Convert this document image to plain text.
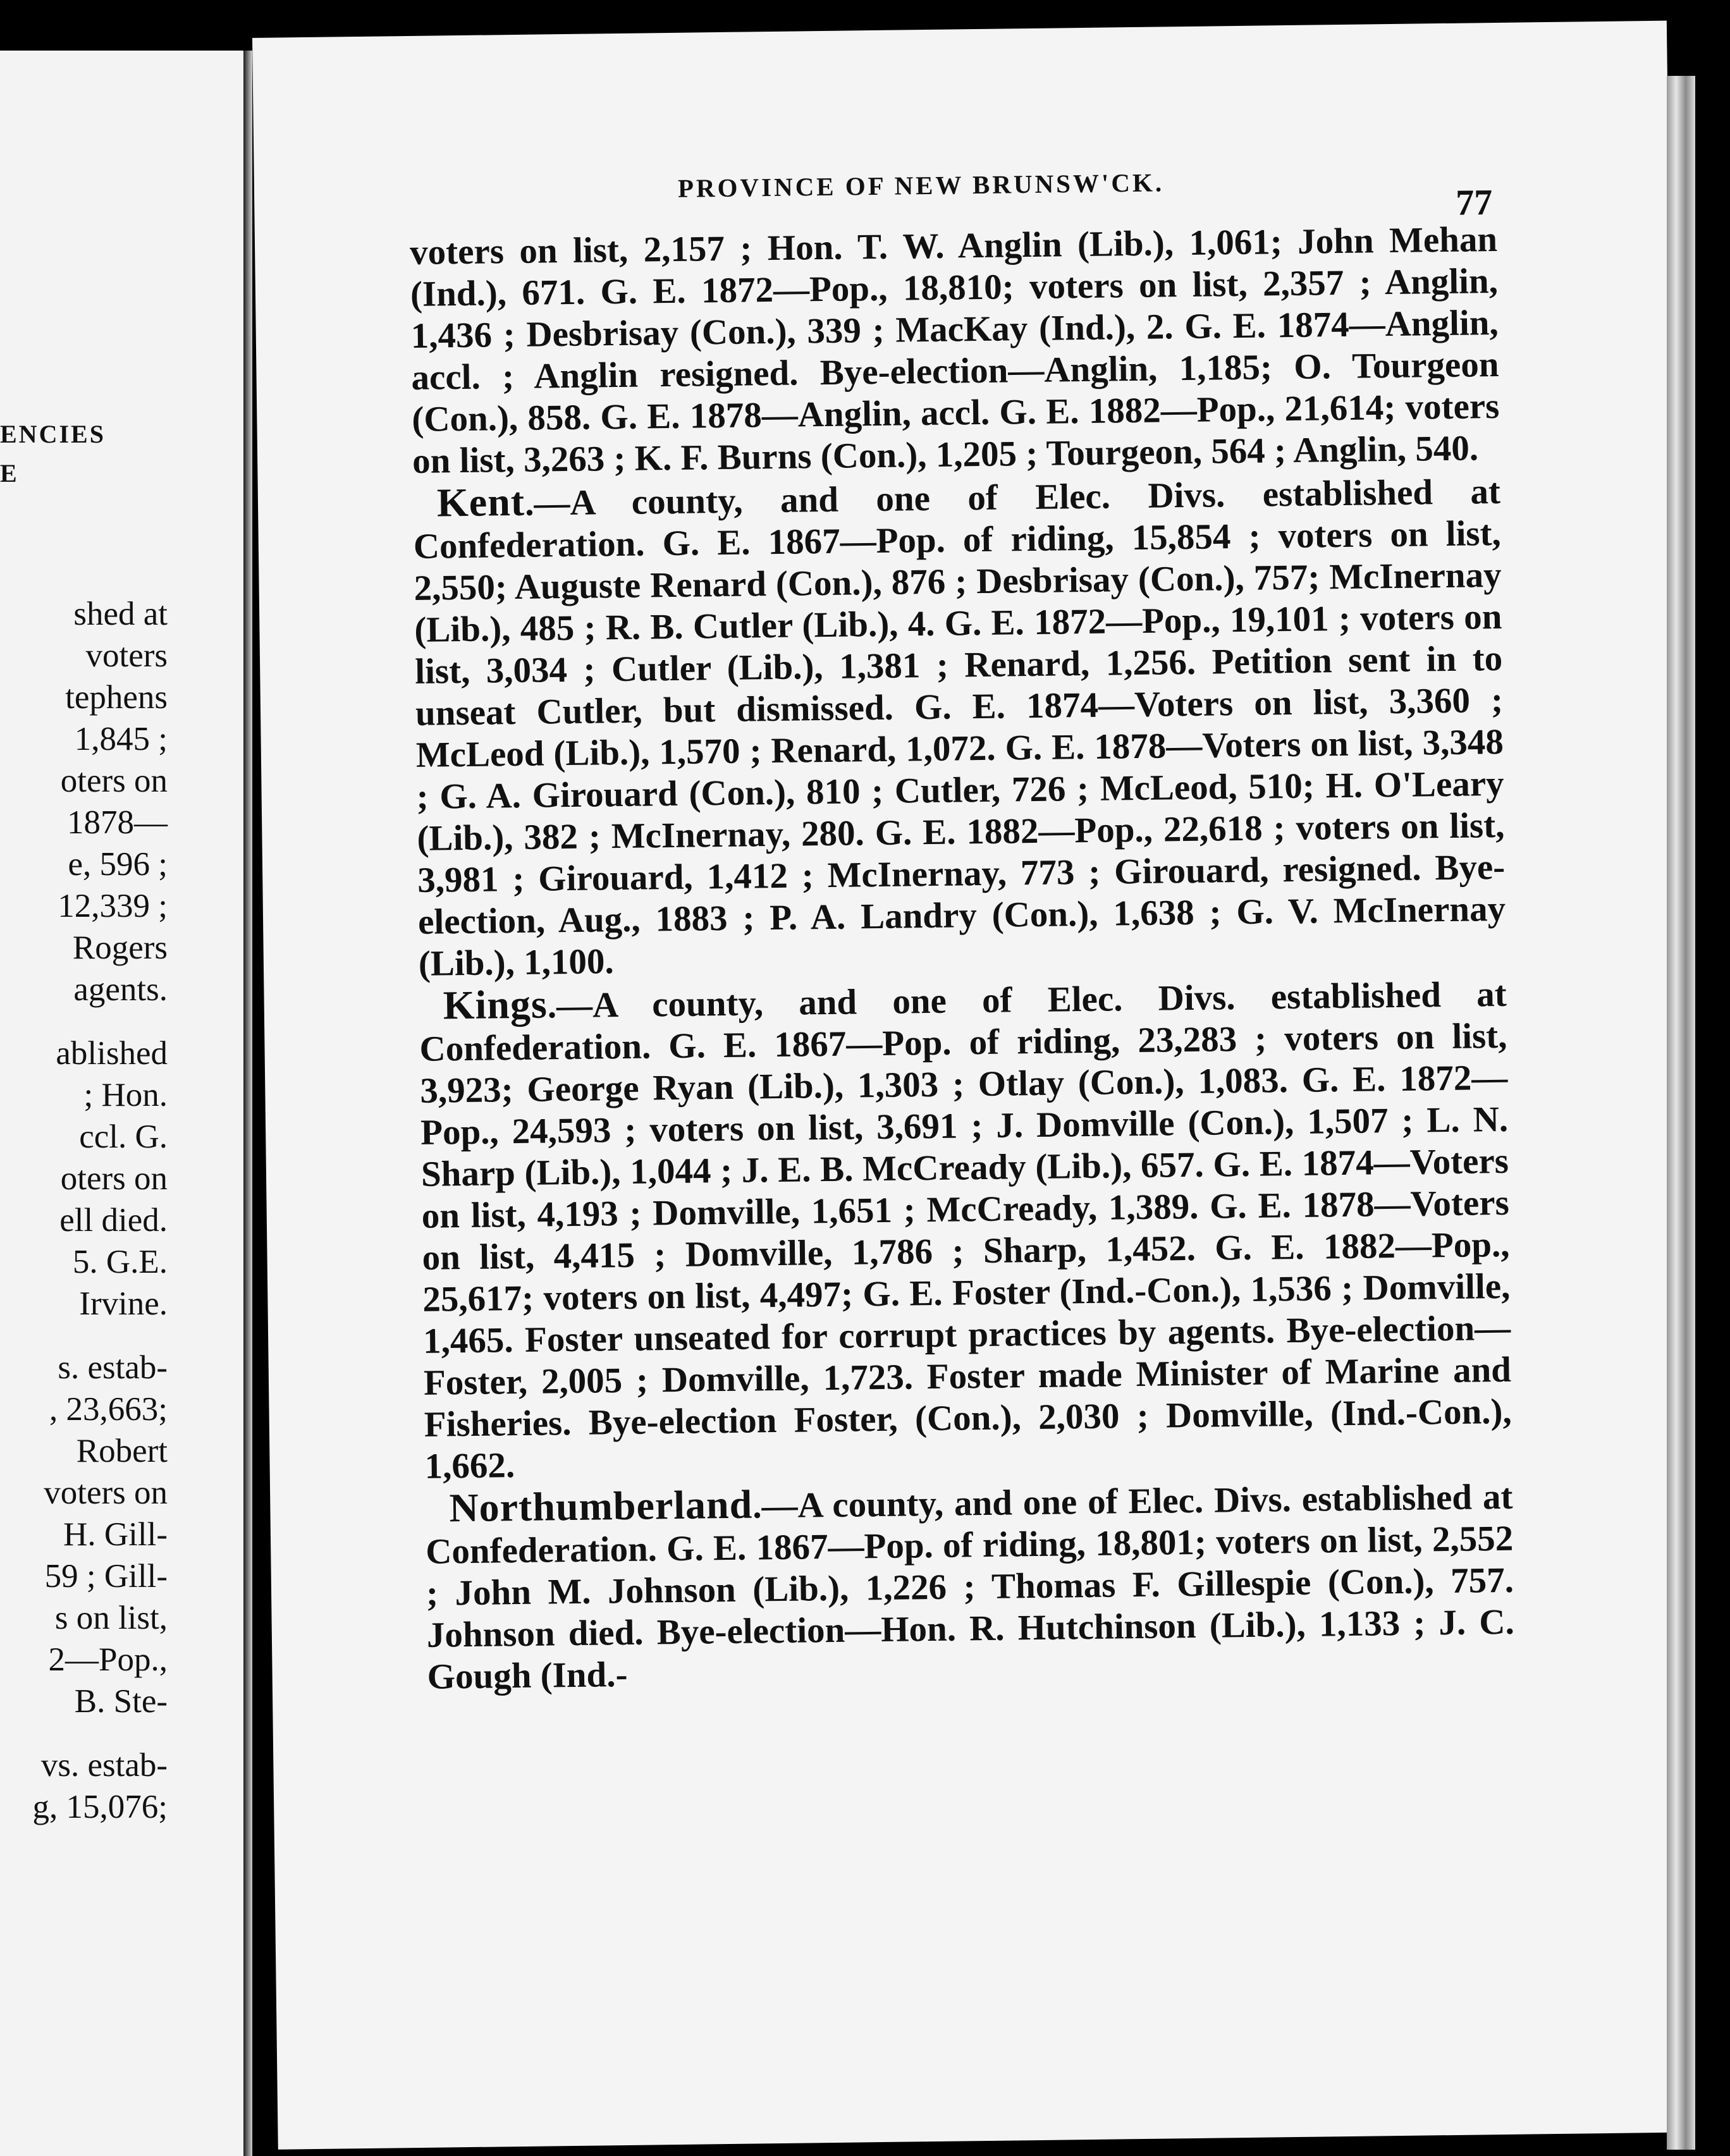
ENCIES
E
shed at
voters
tephens
1,845 ;
oters on
1878—
e, 596 ;
12,339 ;
Rogers
agents.
ablished
; Hon.
ccl. G.
oters on
ell died.
5. G.E.
Irvine.
s. estab-
, 23,663;
Robert
voters on
H. Gill-
59 ; Gill-
s on list,
2—Pop.,
B. Ste-
vs. estab-
g, 15,076;
PROVINCE OF NEW BRUNSW'CK.	77

voters on list, 2,157 ; Hon. T. W. Anglin (Lib.), 1,061; John Mehan (Ind.), 671. G. E. 1872—Pop., 18,810; voters on list, 2,357 ; Anglin, 1,436 ; Desbrisay (Con.), 339 ; MacKay (Ind.), 2. G. E. 1874—Anglin, accl. ; Anglin resigned. Bye-election—Anglin, 1,185; O. Tourgeon (Con.), 858. G. E. 1878—Anglin, accl. G. E. 1882—Pop., 21,614; voters on list, 3,263 ; K. F. Burns (Con.), 1,205 ; Tourgeon, 564 ; Anglin, 540.

Kent.—A county, and one of Elec. Divs. established at Confederation. G. E. 1867—Pop. of riding, 15,854 ; voters on list, 2,550; Auguste Renard (Con.), 876 ; Desbrisay (Con.), 757; McInernay (Lib.), 485 ; R. B. Cutler (Lib.), 4. G. E. 1872—Pop., 19,101 ; voters on list, 3,034 ; Cutler (Lib.), 1,381 ; Renard, 1,256. Petition sent in to unseat Cutler, but dismissed. G. E. 1874—Voters on list, 3,360 ; McLeod (Lib.), 1,570 ; Renard, 1,072. G. E. 1878—Voters on list, 3,348 ; G. A. Girouard (Con.), 810 ; Cutler, 726 ; McLeod, 510; H. O'Leary (Lib.), 382 ; McInernay, 280. G. E. 1882—Pop., 22,618 ; voters on list, 3,981 ; Girouard, 1,412 ; McInernay, 773 ; Girouard, resigned. Bye-election, Aug., 1883 ; P. A. Landry (Con.), 1,638 ; G. V. McInernay (Lib.), 1,100.

Kings.—A county, and one of Elec. Divs. established at Confederation. G. E. 1867—Pop. of riding, 23,283 ; voters on list, 3,923; George Ryan (Lib.), 1,303 ; Otlay (Con.), 1,083. G. E. 1872—Pop., 24,593 ; voters on list, 3,691 ; J. Domville (Con.), 1,507 ; L. N. Sharp (Lib.), 1,044 ; J. E. B. McCready (Lib.), 657. G. E. 1874—Voters on list, 4,193 ; Domville, 1,651 ; McCready, 1,389. G. E. 1878—Voters on list, 4,415 ; Domville, 1,786 ; Sharp, 1,452. G. E. 1882—Pop., 25,617; voters on list, 4,497; G. E. Foster (Ind.-Con.), 1,536 ; Domville, 1,465. Foster unseated for corrupt practices by agents. Bye-election—Foster, 2,005 ; Domville, 1,723. Foster made Minister of Marine and Fisheries. Bye-election Foster, (Con.), 2,030 ; Domville, (Ind.-Con.), 1,662.

Northumberland.—A county, and one of Elec. Divs. established at Confederation. G. E. 1867—Pop. of riding, 18,801; voters on list, 2,552 ; John M. Johnson (Lib.), 1,226 ; Thomas F. Gillespie (Con.), 757. Johnson died. Bye-election—Hon. R. Hutchinson (Lib.), 1,133 ; J. C. Gough (Ind.-
